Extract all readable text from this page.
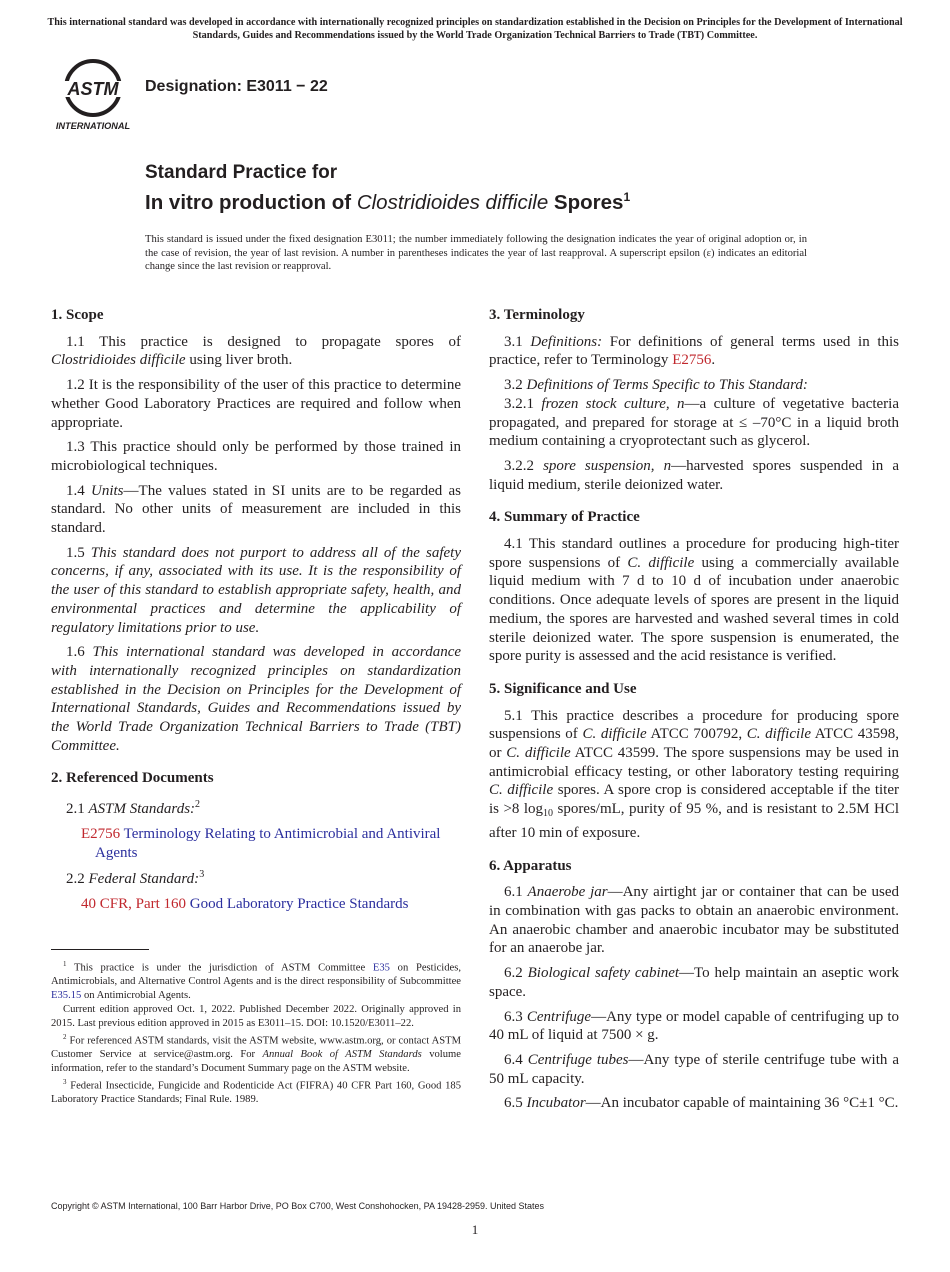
This international standard was developed in accordance with internationally recognized principles on standardization established in the Decision on Principles for the Development of International Standards, Guides and Recommendations issued by the World Trade Organization Technical Barriers to Trade (TBT) Committee.
ASTM
INTERNATIONAL
Designation: E3011 − 22
Standard Practice for
In vitro production of Clostridioides difficile Spores$^1$
This standard is issued under the fixed designation E3011; the number immediately following the designation indicates the year of original adoption or, in the case of revision, the year of last revision. A number in parentheses indicates the year of last reapproval. A superscript epsilon (ε) indicates an editorial change since the last revision or reapproval.
1. Scope

1.1 This practice is designed to propagate spores of Clostridioides difficile using liver broth.

1.2 It is the responsibility of the user of this practice to determine whether Good Laboratory Practices are required and follow when appropriate.

1.3 This practice should only be performed by those trained in microbiological techniques.

1.4 Units—The values stated in SI units are to be regarded as standard. No other units of measurement are included in this standard.

1.5 This standard does not purport to address all of the safety concerns, if any, associated with its use. It is the responsibility of the user of this standard to establish appropriate safety, health, and environmental practices and determine the applicability of regulatory limitations prior to use.

1.6 This international standard was developed in accordance with internationally recognized principles on standardization established in the Decision on Principles for the Development of International Standards, Guides and Recommendations issued by the World Trade Organization Technical Barriers to Trade (TBT) Committee.

2. Referenced Documents

2.1 ASTM Standards:$^2$

E2756 Terminology Relating to Antimicrobial and Antiviral Agents

2.2 Federal Standard:$^3$

40 CFR, Part 160 Good Laboratory Practice Standards

$^1$ This practice is under the jurisdiction of ASTM Committee E35 on Pesticides, Antimicrobials, and Alternative Control Agents and is the direct responsibility of Subcommittee E35.15 on Antimicrobial Agents.

Current edition approved Oct. 1, 2022. Published December 2022. Originally approved in 2015. Last previous edition approved in 2015 as E3011–15. DOI: 10.1520/E3011–22.

$^2$ For referenced ASTM standards, visit the ASTM website, www.astm.org, or contact ASTM Customer Service at service@astm.org. For Annual Book of ASTM Standards volume information, refer to the standard’s Document Summary page on the ASTM website.

$^3$ Federal Insecticide, Fungicide and Rodenticide Act (FIFRA) 40 CFR Part 160, Good 185 Laboratory Practice Standards; Final Rule. 1989.

3. Terminology

3.1 Definitions: For definitions of general terms used in this practice, refer to Terminology E2756.

3.2 Definitions of Terms Specific to This Standard:

3.2.1 frozen stock culture, n—a culture of vegetative bacteria propagated, and prepared for storage at ≤ –70°C in a liquid broth medium containing a cryoprotectant such as glycerol.

3.2.2 spore suspension, n—harvested spores suspended in a liquid medium, sterile deionized water.

4. Summary of Practice

4.1 This standard outlines a procedure for producing high-titer spore suspensions of C. difficile using a commercially available liquid medium with 7 d to 10 d of incubation under anaerobic conditions. Once adequate levels of spores are present in the liquid medium, the spores are harvested and washed several times in cold sterile deionized water. The spore suspension is enumerated, the spore purity is assessed and the acid resistance is verified.

5. Significance and Use

5.1 This practice describes a procedure for producing spore suspensions of C. difficile ATCC 700792, C. difficile ATCC 43598, or C. difficile ATCC 43599. The spore suspensions may be used in antimicrobial efficacy testing, or other laboratory testing requiring C. difficile spores. A spore crop is considered acceptable if the titer is >8 $\log_{10}$ spores/mL, purity of 95 %, and is resistant to 2.5M HCl after 10 min of exposure.

6. Apparatus

6.1 Anaerobe jar—Any airtight jar or container that can be used in combination with gas packs to obtain an anaerobic environment. An anaerobic chamber and anaerobic incubator may be substituted for an anaerobe jar.

6.2 Biological safety cabinet—To help maintain an aseptic work space.

6.3 Centrifuge—Any type or model capable of centrifuging up to 40 mL of liquid at 7500 × g.

6.4 Centrifuge tubes—Any type of sterile centrifuge tube with a 50 mL capacity.

6.5 Incubator—An incubator capable of maintaining 36 °C±1 °C.

Copyright © ASTM International, 100 Barr Harbor Drive, PO Box C700, West Conshohocken, PA 19428-2959. United States
1
